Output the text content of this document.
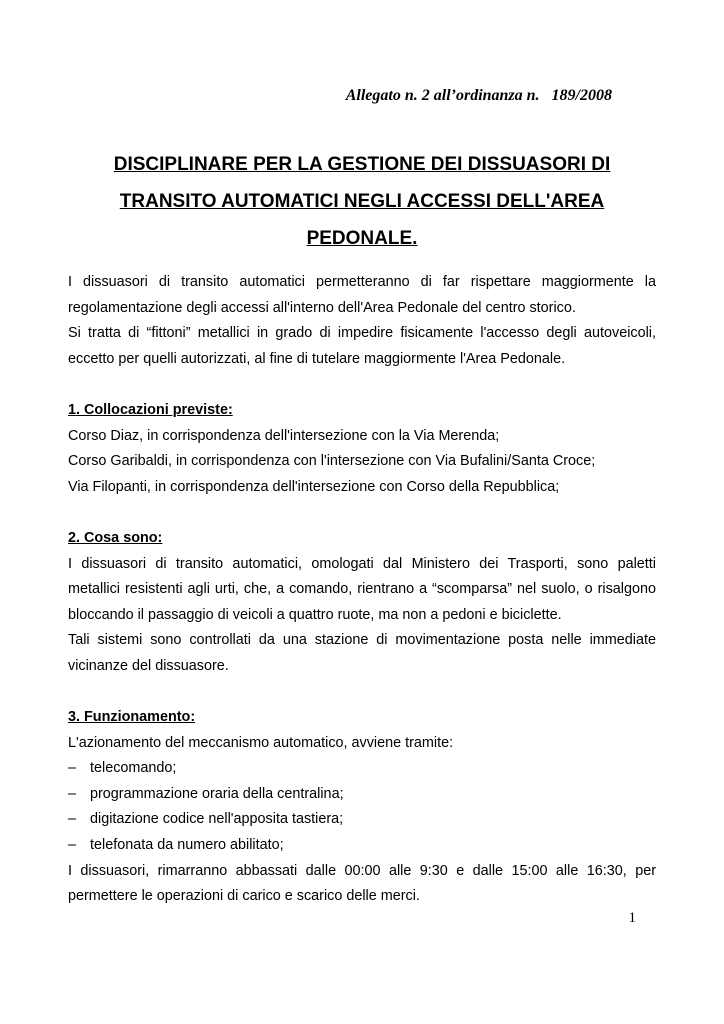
Allegato n. 2 all’ordinanza n.   189/2008
DISCIPLINARE PER LA GESTIONE DEI DISSUASORI DI
TRANSITO AUTOMATICI NEGLI ACCESSI DELL'AREA
PEDONALE.

I dissuasori di transito automatici permetteranno di far rispettare maggiormente la

regolamentazione degli accessi all'interno dell'Area Pedonale del centro storico.

Si tratta di “fittoni” metallici in grado di impedire fisicamente l'accesso degli autoveicoli,

eccetto per quelli autorizzati, al fine di tutelare maggiormente l'Area Pedonale.

1. Collocazioni previste:

Corso Diaz, in corrispondenza dell'intersezione con la Via Merenda;

Corso Garibaldi, in corrispondenza con l'intersezione con Via Bufalini/Santa Croce;

Via Filopanti, in corrispondenza dell'intersezione con Corso della Repubblica;

2. Cosa sono:

I dissuasori di transito automatici, omologati dal Ministero dei Trasporti, sono paletti

metallici resistenti agli urti, che, a comando, rientrano a “scomparsa” nel suolo, o risalgono

bloccando il passaggio di veicoli a quattro ruote, ma non a pedoni e biciclette.

Tali sistemi sono controllati da una stazione di movimentazione posta nelle immediate

vicinanze del dissuasore.

3. Funzionamento:

L'azionamento del meccanismo automatico, avviene tramite:

– telecomando;
– programmazione oraria della centralina;
– digitazione codice nell'apposita tastiera;
– telefonata da numero abilitato;

I dissuasori, rimarranno abbassati dalle 00:00 alle 9:30 e dalle 15:00 alle 16:30, per

permettere le operazioni di carico e scarico delle merci.

1
